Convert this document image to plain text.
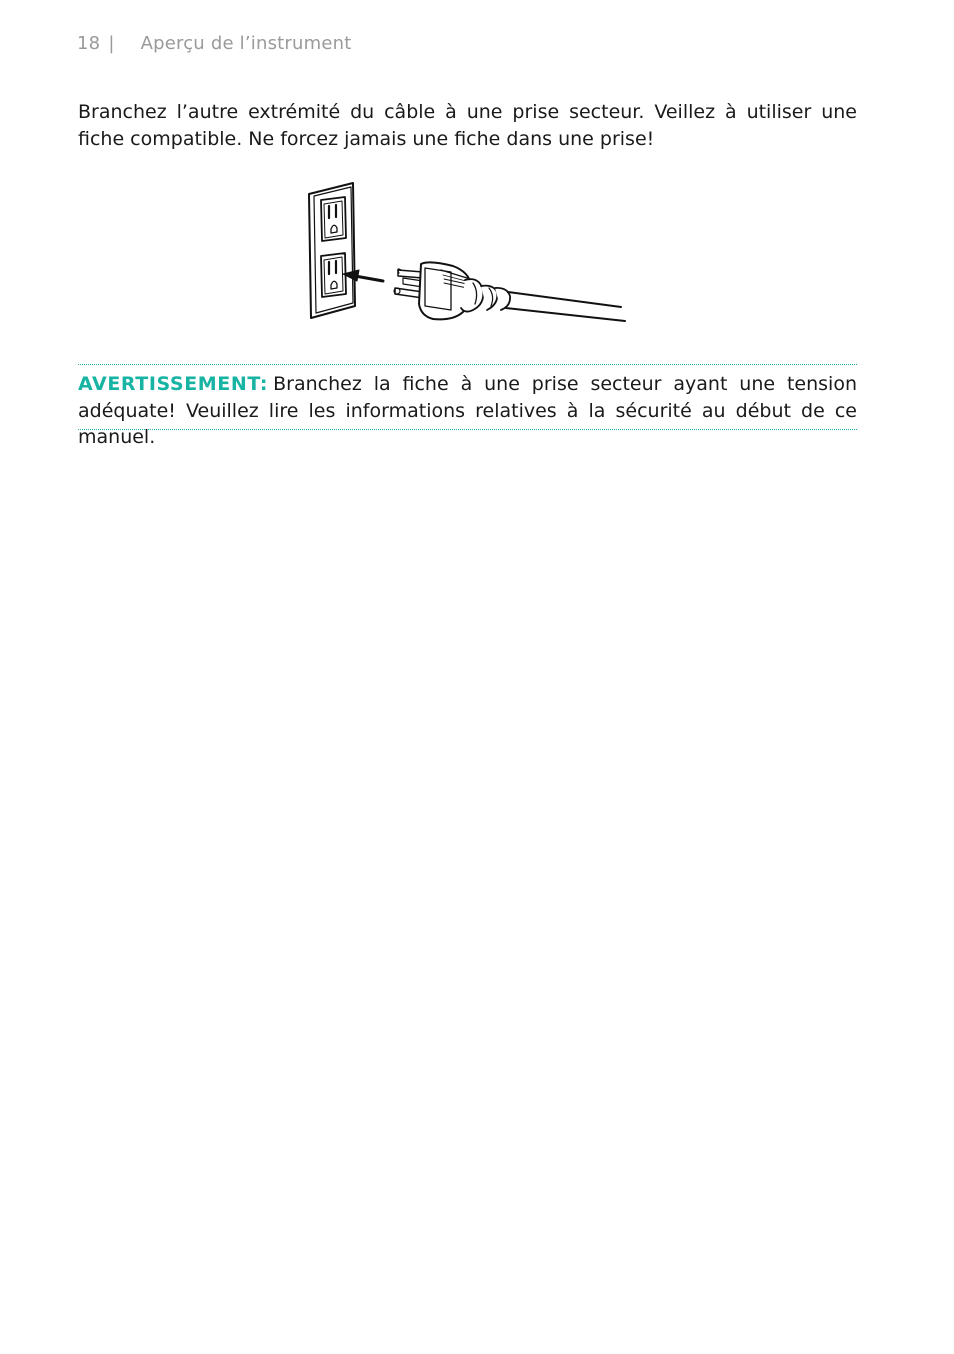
18 | Aperçu de l’instrument

Branchez l’autre extrémité du câble à une prise secteur. Veillez à utiliser une fiche compatible. Ne forcez jamais une fiche dans une prise!

AVERTISSEMENT: Branchez la fiche à une prise secteur ayant une tension adéquate! Veuillez lire les informations relatives à la sécurité au début de ce manuel.
